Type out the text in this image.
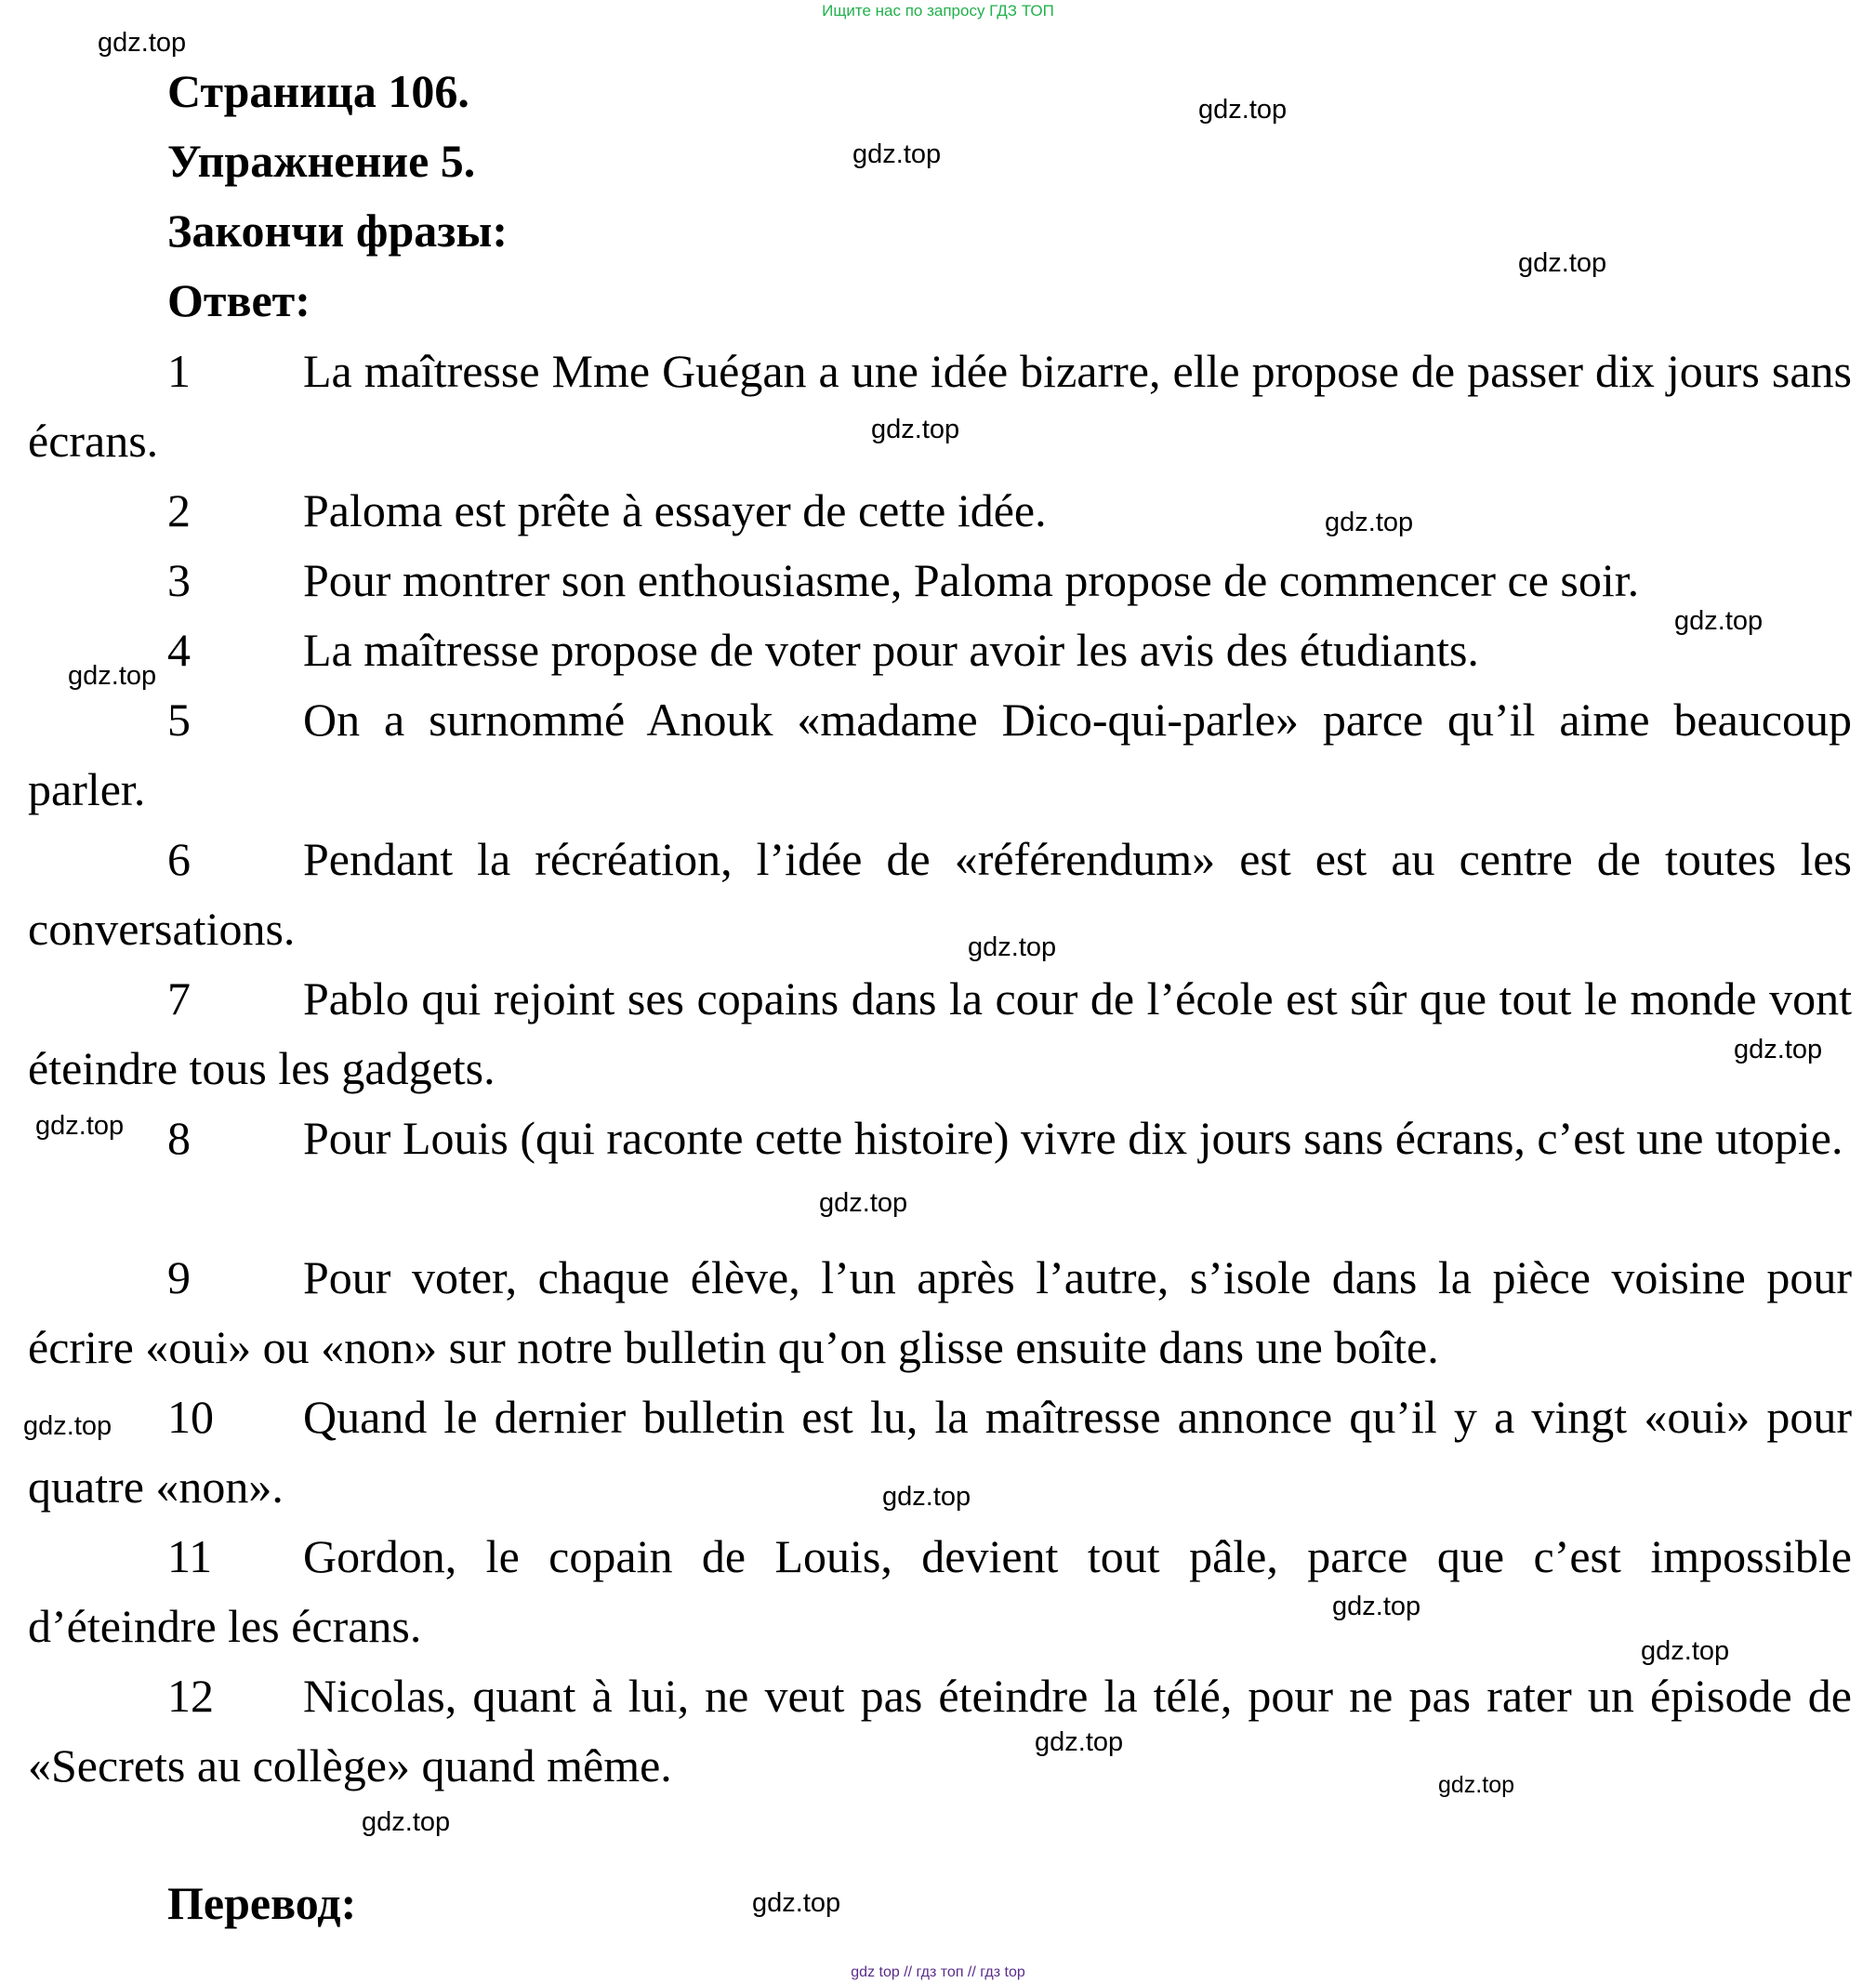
Ищите нас по запросу ГДЗ ТОП
Страница 106.
Упражнение 5.
Закончи фразы:
Ответ:
1 La maîtresse Mme Guégan a une idée bizarre, elle propose de passer dix jours sans écrans.
2 Paloma est prête à essayer de cette idée.
3 Pour montrer son enthousiasme, Paloma propose de commencer ce soir.
4 La maîtresse propose de voter pour avoir les avis des étudiants.
5 On a surnommé Anouk «madame Dico-qui-parle» parce qu’il aime beaucoup parler.
6 Pendant la récréation, l’idée de «référendum» est est au centre de toutes les conversations.
7 Pablo qui rejoint ses copains dans la cour de l’école est sûr que tout le monde vont éteindre tous les gadgets.
8 Pour Louis (qui raconte cette histoire) vivre dix jours sans écrans, c’est une utopie.
9 Pour voter, chaque élève, l’un après l’autre, s’isole dans la pièce voisine pour écrire «oui» ou «non» sur notre bulletin qu’on glisse ensuite dans une boîte.
10 Quand le dernier bulletin est lu, la maîtresse annonce qu’il y a vingt «oui» pour quatre «non».
11 Gordon, le copain de Louis, devient tout pâle, parce que c’est impossible d’éteindre les écrans.
12 Nicolas, quant à lui, ne veut pas éteindre la télé, pour ne pas rater un épisode de «Secrets au collège» quand même.
Перевод:
gdz.top
gdz.top
gdz.top
gdz.top
gdz.top
gdz.top
gdz.top
gdz.top
gdz.top
gdz.top
gdz.top
gdz.top
gdz.top
gdz.top
gdz.top
gdz.top
gdz.top
gdz.top
gdz.top
gdz.top
gdz top // гдз топ // гдз top
